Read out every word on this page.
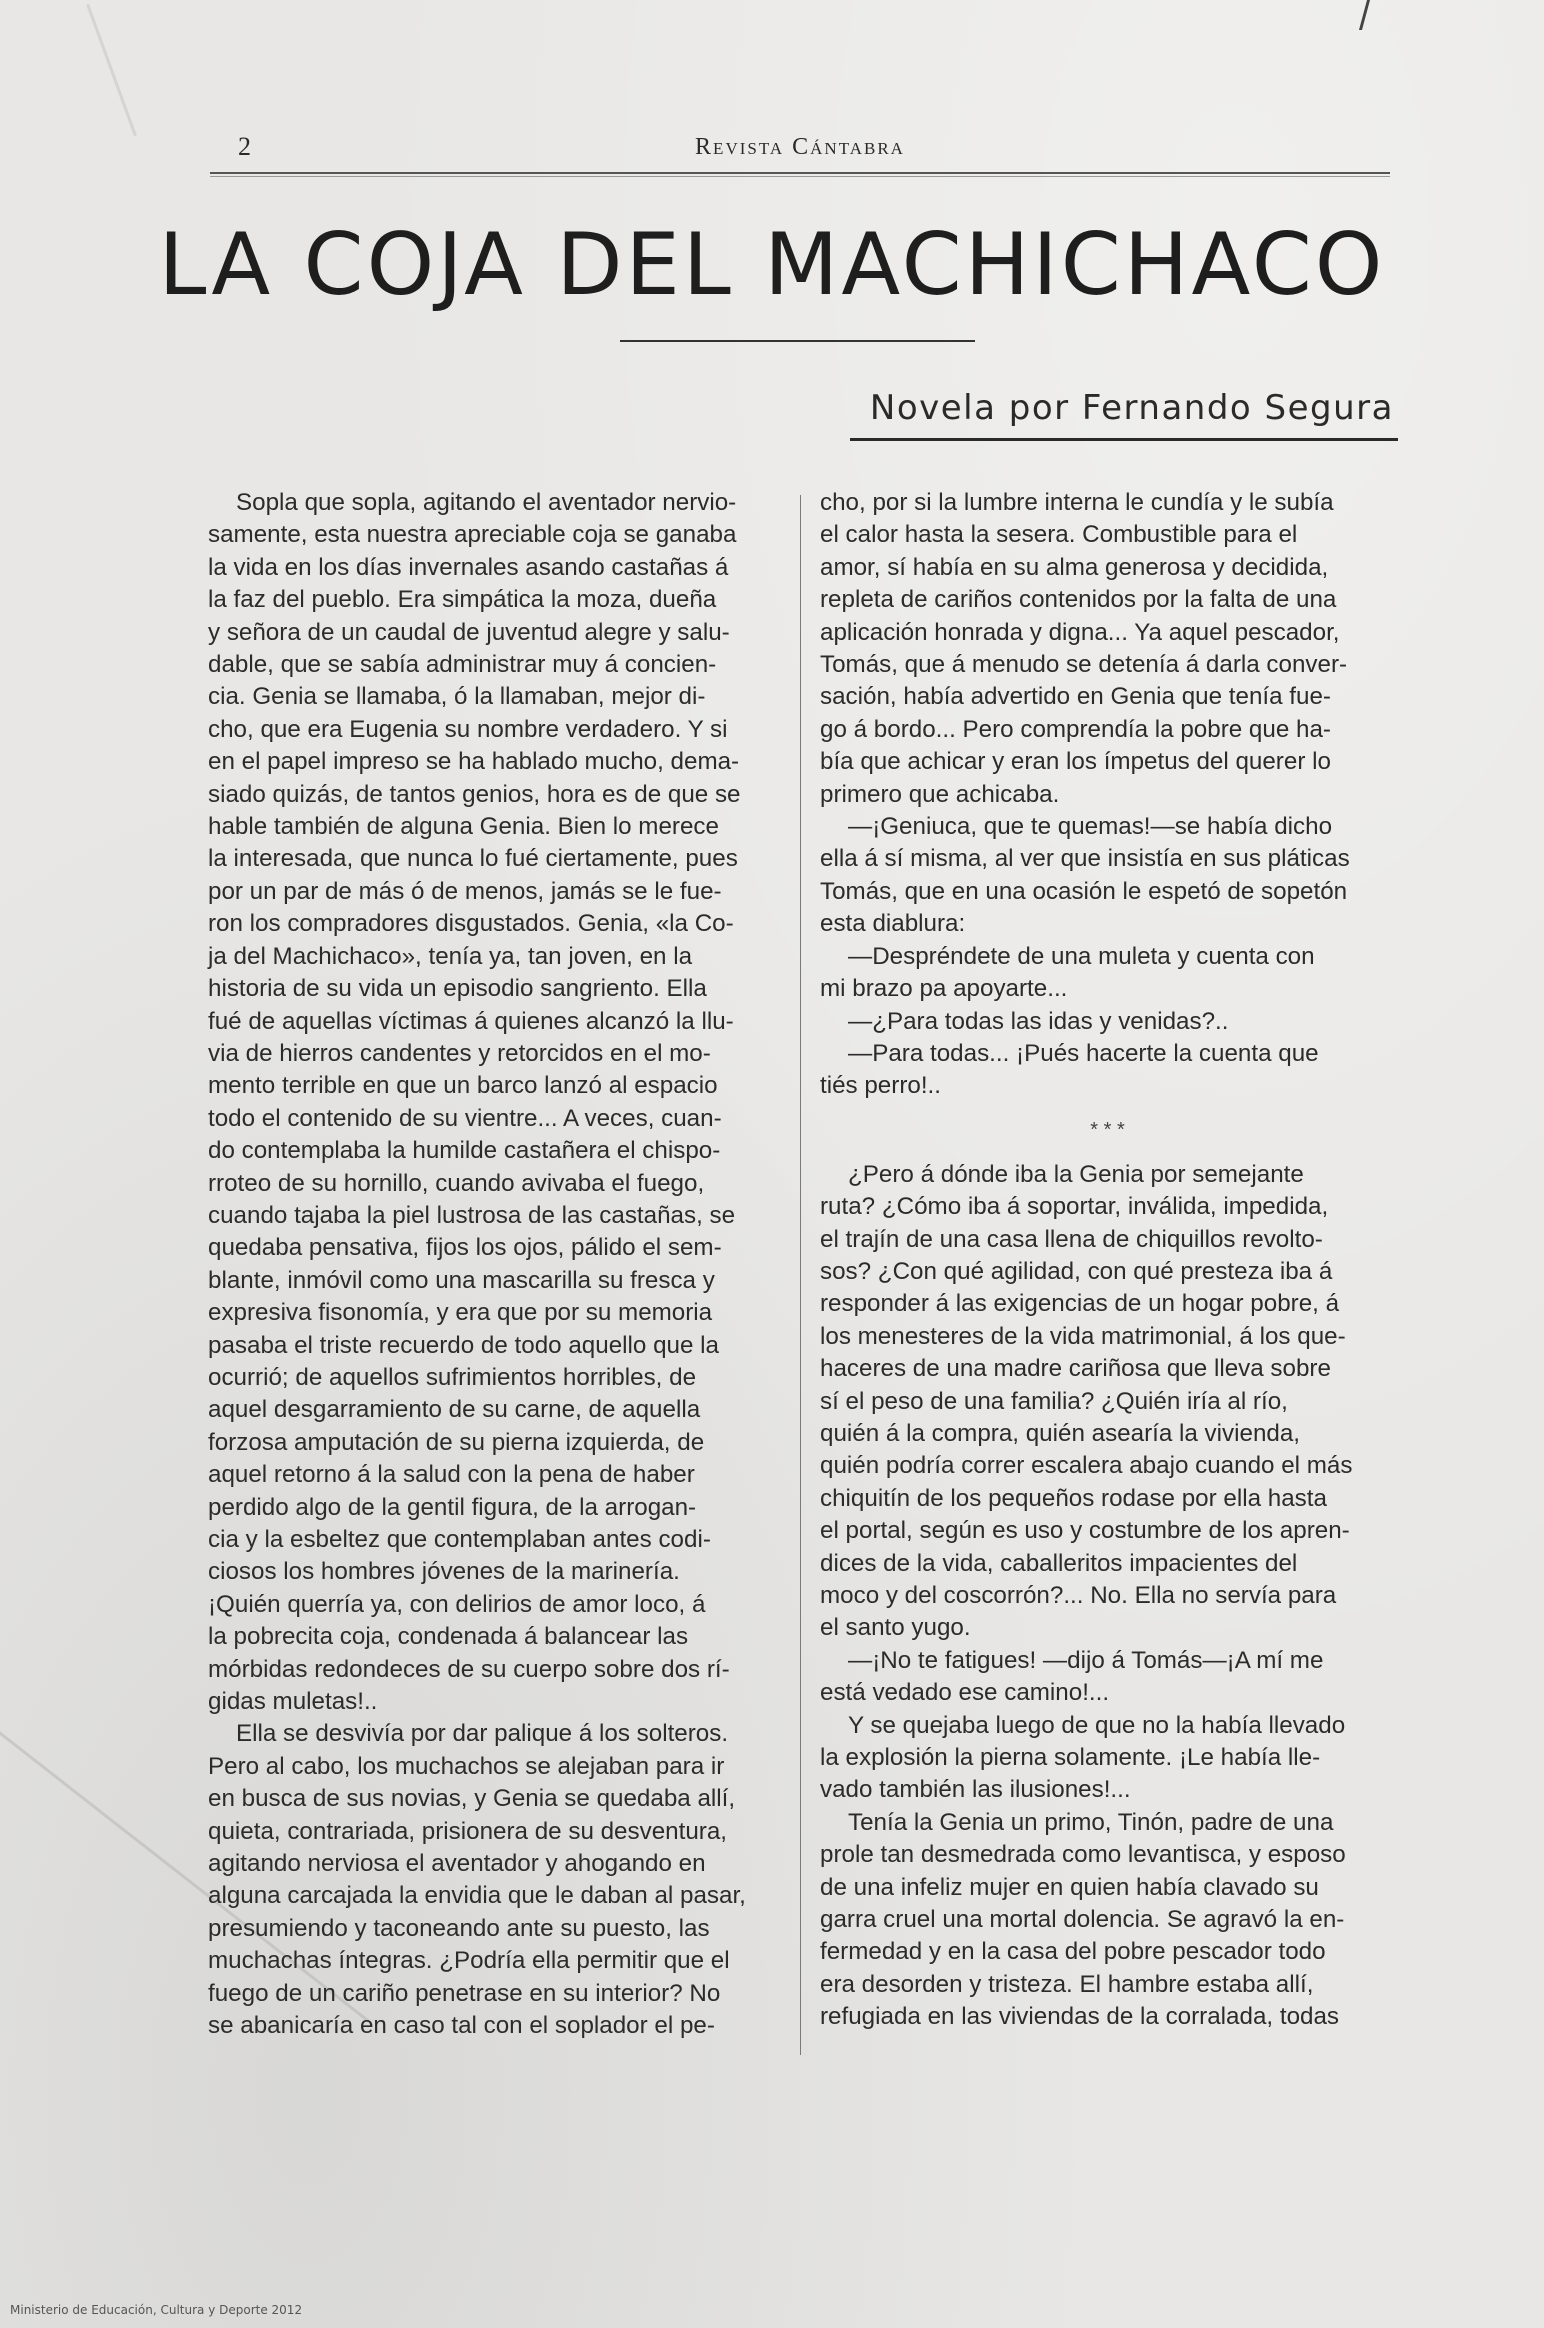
2	Revista Cántabra
LA COJA DEL MACHICHACO
Novela por Fernando Segura

Sopla que sopla, agitando el aventador nervio-
samente, esta nuestra apreciable coja se ganaba
la vida en los días invernales asando castañas á
la faz del pueblo. Era simpática la moza, dueña
y señora de un caudal de juventud alegre y salu-
dable, que se sabía administrar muy á concien-
cia. Genia se llamaba, ó la llamaban, mejor di-
cho, que era Eugenia su nombre verdadero. Y si
en el papel impreso se ha hablado mucho, dema-
siado quizás, de tantos genios, hora es de que se
hable también de alguna Genia. Bien lo merece
la interesada, que nunca lo fué ciertamente, pues
por un par de más ó de menos, jamás se le fue-
ron los compradores disgustados. Genia, «la Co-
ja del Machichaco», tenía ya, tan joven, en la
historia de su vida un episodio sangriento. Ella
fué de aquellas víctimas á quienes alcanzó la llu-
via de hierros candentes y retorcidos en el mo-
mento terrible en que un barco lanzó al espacio
todo el contenido de su vientre... A veces, cuan-
do contemplaba la humilde castañera el chispo-
rroteo de su hornillo, cuando avivaba el fuego,
cuando tajaba la piel lustrosa de las castañas, se
quedaba pensativa, fijos los ojos, pálido el sem-
blante, inmóvil como una mascarilla su fresca y
expresiva fisonomía, y era que por su memoria
pasaba el triste recuerdo de todo aquello que la
ocurrió; de aquellos sufrimientos horribles, de
aquel desgarramiento de su carne, de aquella
forzosa amputación de su pierna izquierda, de
aquel retorno á la salud con la pena de haber
perdido algo de la gentil figura, de la arrogan-
cia y la esbeltez que contemplaban antes codi-
ciosos los hombres jóvenes de la marinería.
¡Quién querría ya, con delirios de amor loco, á
la pobrecita coja, condenada á balancear las
mórbidas redondeces de su cuerpo sobre dos rí-
gidas muletas!..

Ella se desvivía por dar palique á los solteros.
Pero al cabo, los muchachos se alejaban para ir
en busca de sus novias, y Genia se quedaba allí,
quieta, contrariada, prisionera de su desventura,
agitando nerviosa el aventador y ahogando en
alguna carcajada la envidia que le daban al pasar,
presumiendo y taconeando ante su puesto, las
muchachas íntegras. ¿Podría ella permitir que el
fuego de un cariño penetrase en su interior? No
se abanicaría en caso tal con el soplador el pe-

cho, por si la lumbre interna le cundía y le subía
el calor hasta la sesera. Combustible para el
amor, sí había en su alma generosa y decidida,
repleta de cariños contenidos por la falta de una
aplicación honrada y digna... Ya aquel pescador,
Tomás, que á menudo se detenía á darla conver-
sación, había advertido en Genia que tenía fue-
go á bordo... Pero comprendía la pobre que ha-
bía que achicar y eran los ímpetus del querer lo
primero que achicaba.

—¡Geniuca, que te quemas!—se había dicho
ella á sí misma, al ver que insistía en sus pláticas
Tomás, que en una ocasión le espetó de sopetón
esta diablura:

—Despréndete de una muleta y cuenta con
mi brazo pa apoyarte...

—¿Para todas las idas y venidas?..

—Para todas... ¡Pués hacerte la cuenta que
tiés perro!..

* * *

¿Pero á dónde iba la Genia por semejante
ruta? ¿Cómo iba á soportar, inválida, impedida,
el trajín de una casa llena de chiquillos revolto-
sos? ¿Con qué agilidad, con qué presteza iba á
responder á las exigencias de un hogar pobre, á
los menesteres de la vida matrimonial, á los que-
haceres de una madre cariñosa que lleva sobre
sí el peso de una familia? ¿Quién iría al río,
quién á la compra, quién asearía la vivienda,
quién podría correr escalera abajo cuando el más
chiquitín de los pequeños rodase por ella hasta
el portal, según es uso y costumbre de los apren-
dices de la vida, caballeritos impacientes del
moco y del coscorrón?... No. Ella no servía para
el santo yugo.

—¡No te fatigues! —dijo á Tomás—¡A mí me
está vedado ese camino!...

Y se quejaba luego de que no la había llevado
la explosión la pierna solamente. ¡Le había lle-
vado también las ilusiones!...

Tenía la Genia un primo, Tinón, padre de una
prole tan desmedrada como levantisca, y esposo
de una infeliz mujer en quien había clavado su
garra cruel una mortal dolencia. Se agravó la en-
fermedad y en la casa del pobre pescador todo
era desorden y tristeza. El hambre estaba allí,
refugiada en las viviendas de la corralada, todas

Ministerio de Educación, Cultura y Deporte 2012
